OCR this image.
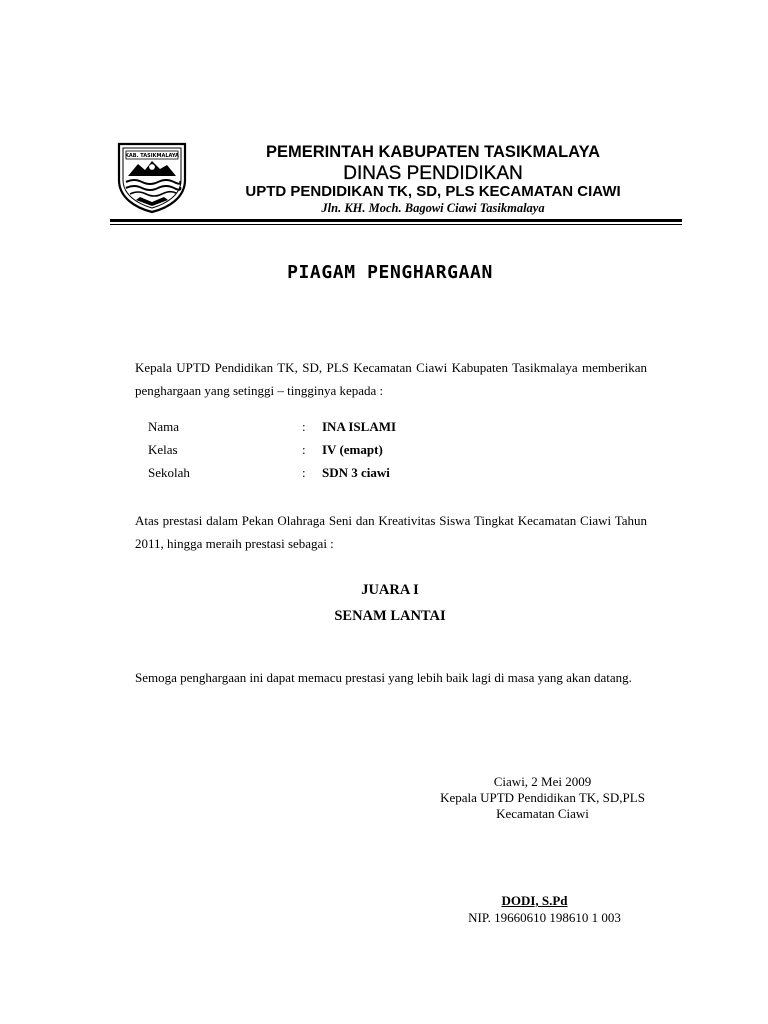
KAB. TASIKMALAYA	PEMERINTAH KABUPATEN TASIKMALAYA
DINAS PENDIDIKAN
UPTD PENDIDIKAN TK, SD, PLS KECAMATAN CIAWI
Jln. KH. Moch. Bagowi Ciawi Tasikmalaya
PIAGAM PENGHARGAAN
Kepala UPTD Pendidikan TK, SD, PLS Kecamatan Ciawi Kabupaten Tasikmalaya memberikan penghargaan yang setinggi – tingginya kepada :
Nama	: INA ISLAMI
Kelas	: IV (emapt)
Sekolah	: SDN 3 ciawi
Atas prestasi dalam Pekan Olahraga Seni dan Kreativitas Siswa Tingkat Kecamatan Ciawi Tahun 2011, hingga meraih prestasi sebagai :
JUARA I
SENAM LANTAI
Semoga penghargaan ini dapat memacu prestasi yang lebih baik lagi di masa yang akan datang.
Ciawi, 2 Mei 2009
Kepala UPTD Pendidikan TK, SD,PLS
Kecamatan Ciawi
DODI, S.Pd
NIP. 19660610 198610 1 003
